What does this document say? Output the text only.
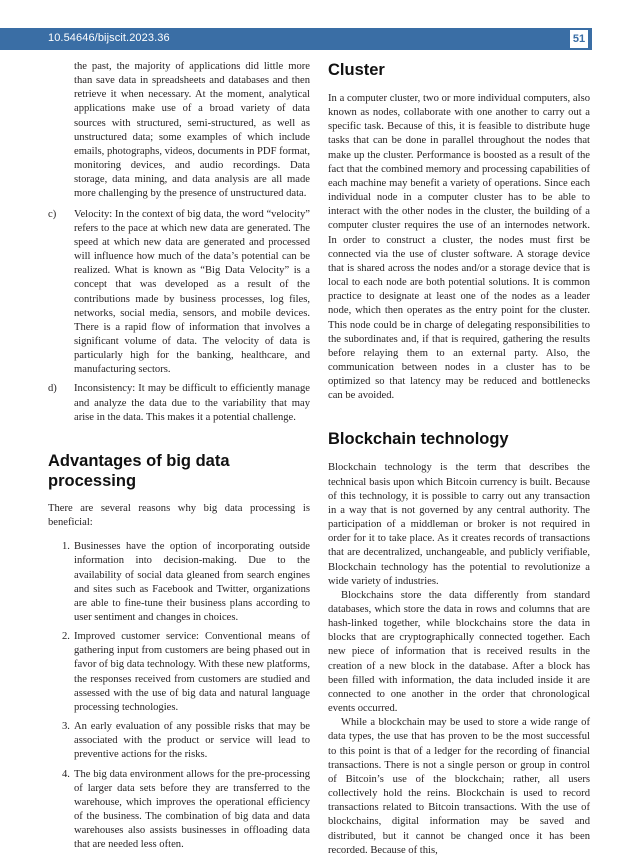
10.54646/bijscit.2023.36	51

the past, the majority of applications did little more than save data in spreadsheets and databases and then retrieve it when necessary. At the moment, analytical applications make use of a broad variety of data sources with structured, semi-structured, as well as unstructured data; some examples of which include emails, photographs, videos, documents in PDF format, monitoring devices, and audio recordings. Data storage, data mining, and data analysis are all made more challenging by the presence of unstructured data.

c)	Velocity: In the context of big data, the word “velocity” refers to the pace at which new data are generated. The speed at which new data are generated and processed will influence how much of the data’s potential can be realized. What is known as “Big Data Velocity” is a concept that was developed as a result of the contributions made by business processes, log files, networks, social media, sensors, and mobile devices. There is a rapid flow of information that involves a significant volume of data. The velocity of data is particularly high for the banking, healthcare, and manufacturing sectors.

d)	Inconsistency: It may be difficult to efficiently manage and analyze the data due to the variability that may arise in the data. This makes it a potential challenge.

Advantages of big data processing

There are several reasons why big data processing is beneficial:

1. Businesses have the option of incorporating outside information into decision-making. Due to the availability of social data gleaned from search engines and sites such as Facebook and Twitter, organizations are able to fine-tune their business plans according to user sentiment and changes in choices.

2. Improved customer service: Conventional means of gathering input from customers are being phased out in favor of big data technology. With these new platforms, the responses received from customers are studied and assessed with the use of big data and natural language processing technologies.

3. An early evaluation of any possible risks that may be associated with the product or service will lead to preventive actions for the risks.

4. The big data environment allows for the pre-processing of larger data sets before they are transferred to the warehouse, which improves the operational efficiency of the business. The combination of big data and data warehouses also assists businesses in offloading data that are needed less often.

Cluster

In a computer cluster, two or more individual computers, also known as nodes, collaborate with one another to carry out a specific task. Because of this, it is feasible to distribute huge tasks that can be done in parallel throughout the nodes that make up the cluster. Performance is boosted as a result of the fact that the combined memory and processing capabilities of each machine may benefit a variety of operations. Since each individual node in a computer cluster has to be able to interact with the other nodes in the cluster, the building of a computer cluster requires the use of an internodes network. In order to construct a cluster, the nodes must first be connected via the use of cluster software. A storage device that is shared across the nodes and/or a storage device that is local to each node are both potential solutions. It is common practice to designate at least one of the nodes as a leader node, which then operates as the entry point for the cluster. This node could be in charge of delegating responsibilities to the subordinates and, if that is required, gathering the results before relaying them to an external party. Also, the communication between nodes in a cluster has to be optimized so that latency may be reduced and bottlenecks can be avoided.

Blockchain technology

Blockchain technology is the term that describes the technical basis upon which Bitcoin currency is built. Because of this technology, it is possible to carry out any transaction in a way that is not governed by any central authority. The participation of a middleman or broker is not required in order for it to take place. As it creates records of transactions that are decentralized, unchangeable, and publicly verifiable, Blockchain technology has the potential to revolutionize a wide variety of industries.

Blockchains store the data differently from standard databases, which store the data in rows and columns that are hash-linked together, while blockchains store the data in blocks that are cryptographically connected together. Each new piece of information that is received results in the creation of a new block in the database. After a block has been filled with information, the data included inside it are connected to one another in the order that chronological events occurred.

While a blockchain may be used to store a wide range of data types, the use that has proven to be the most successful to this point is that of a ledger for the recording of financial transactions. There is not a single person or group in control of Bitcoin’s use of the blockchain; rather, all users collectively hold the reins. Blockchain is used to record transactions related to Bitcoin transactions. With the use of blockchains, digital information may be saved and distributed, but it cannot be changed once it has been recorded. Because of this,
